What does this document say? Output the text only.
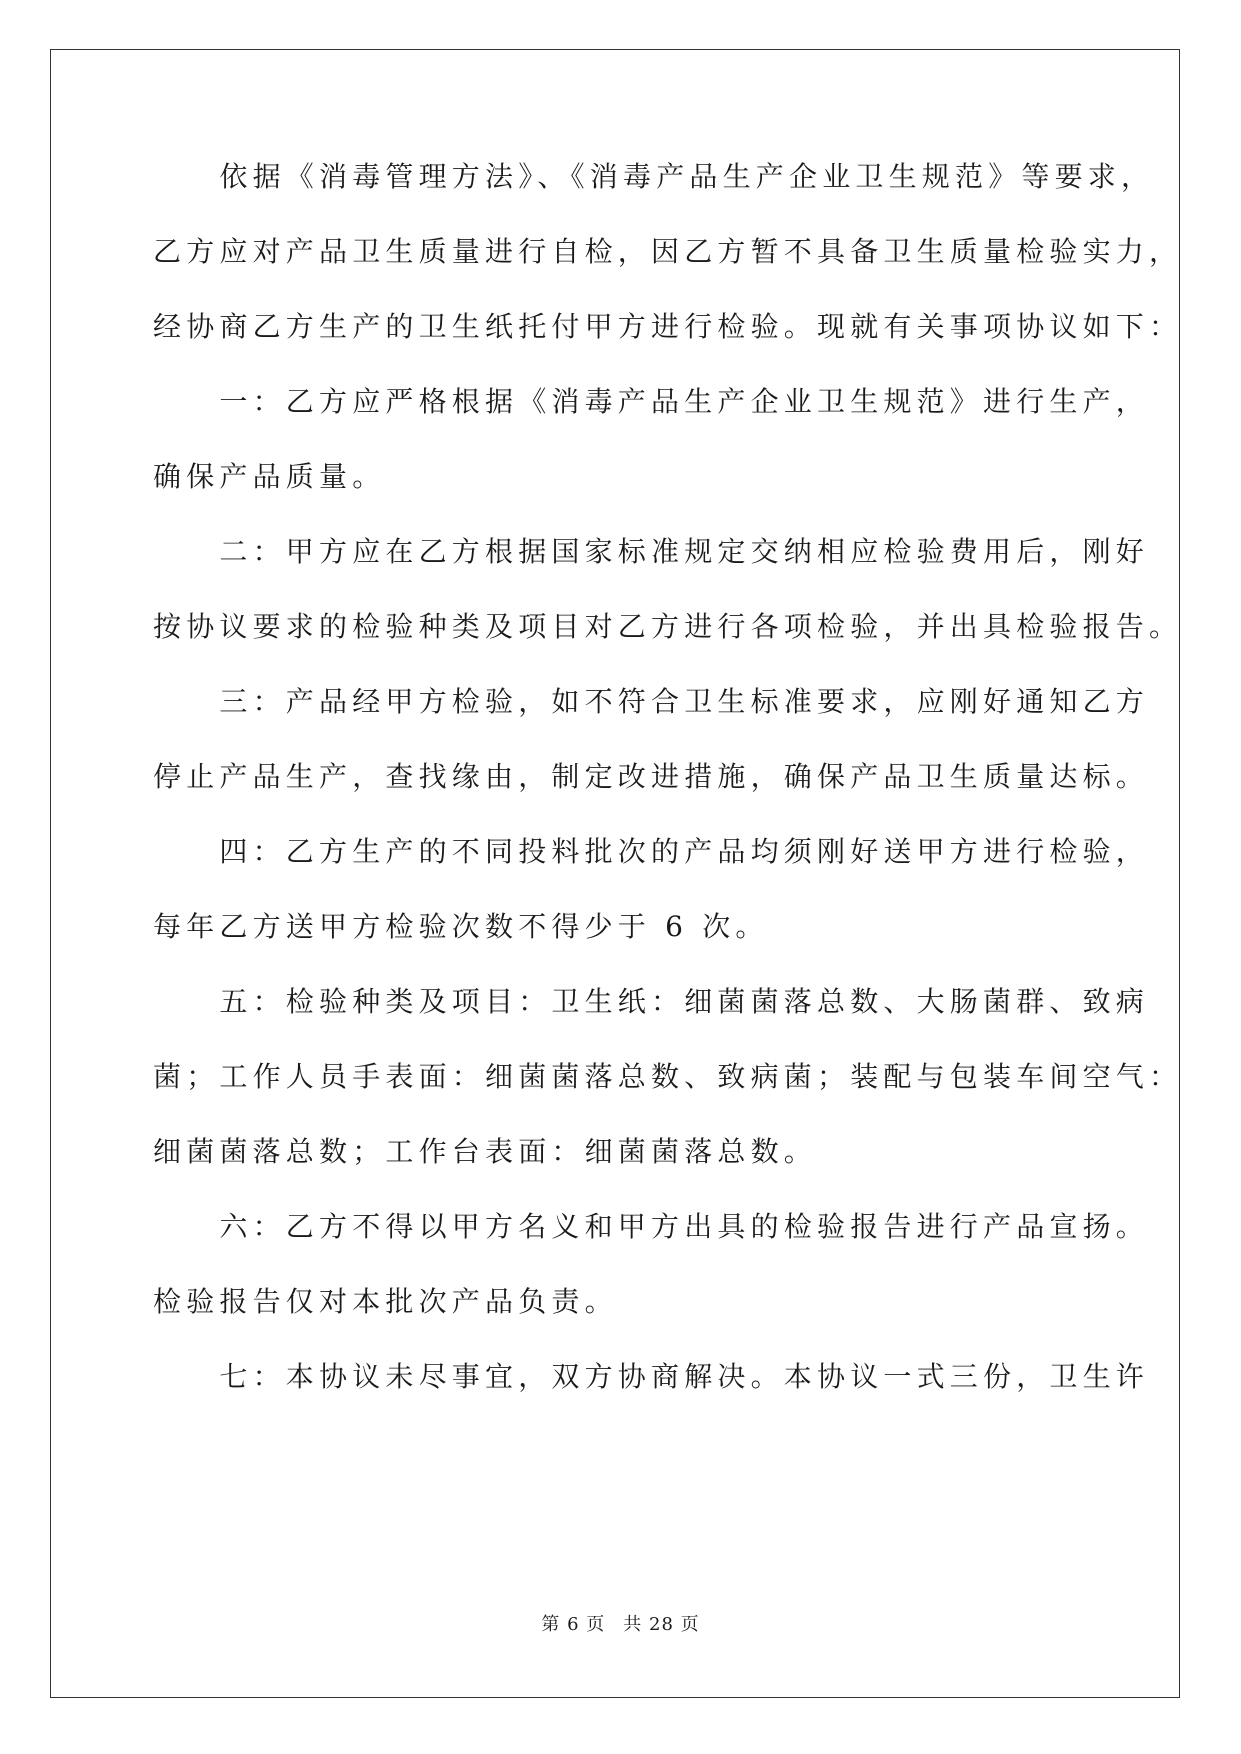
　　依据《消毒管理方法》、《消毒产品生产企业卫生规范》等要求，
乙方应对产品卫生质量进行自检，因乙方暂不具备卫生质量检验实力，
经协商乙方生产的卫生纸托付甲方进行检验。现就有关事项协议如下：
　　一：乙方应严格根据《消毒产品生产企业卫生规范》进行生产，
确保产品质量。
　　二：甲方应在乙方根据国家标准规定交纳相应检验费用后，刚好
按协议要求的检验种类及项目对乙方进行各项检验，并出具检验报告。
　　三：产品经甲方检验，如不符合卫生标准要求，应刚好通知乙方
停止产品生产，查找缘由，制定改进措施，确保产品卫生质量达标。
　　四：乙方生产的不同投料批次的产品均须刚好送甲方进行检验，
每年乙方送甲方检验次数不得少于 6 次。
　　五：检验种类及项目：卫生纸：细菌菌落总数、大肠菌群、致病
菌；工作人员手表面：细菌菌落总数、致病菌；装配与包装车间空气：
细菌菌落总数；工作台表面：细菌菌落总数。
　　六：乙方不得以甲方名义和甲方出具的检验报告进行产品宣扬。
检验报告仅对本批次产品负责。
　　七：本协议未尽事宜，双方协商解决。本协议一式三份，卫生许
第 6 页 共 28 页
